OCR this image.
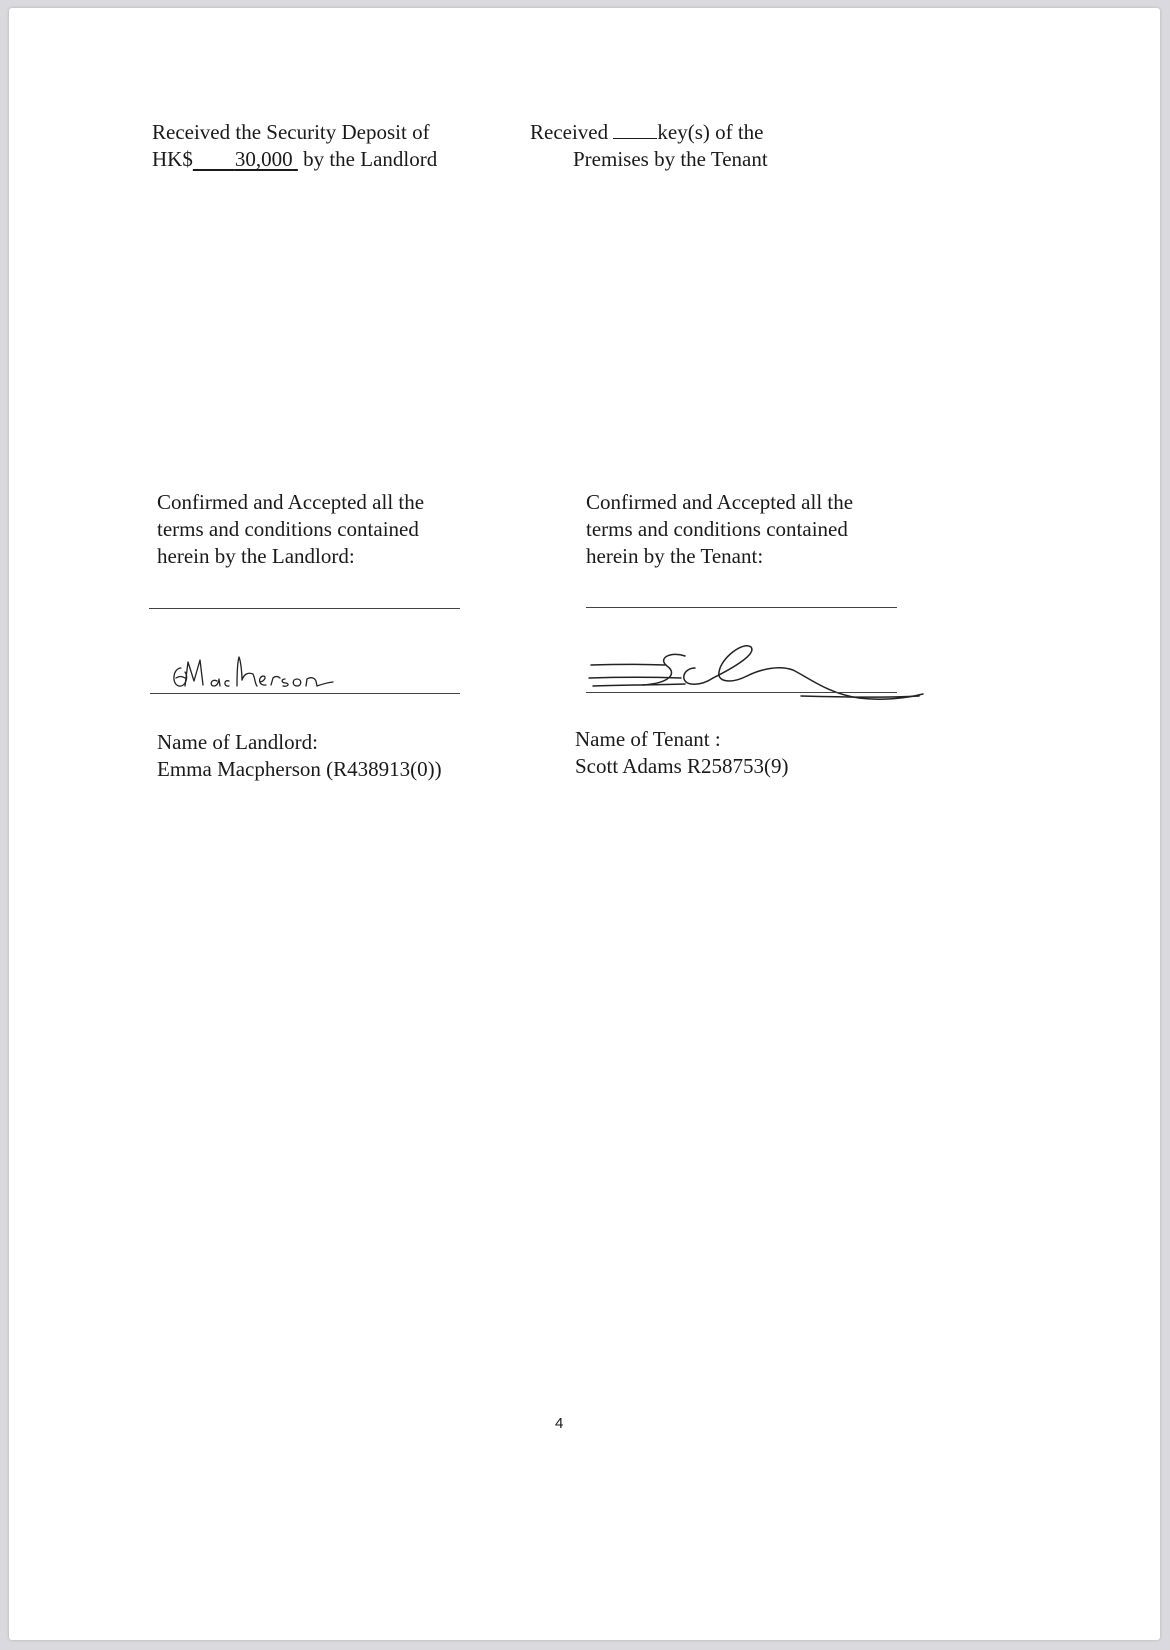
Received the Security Deposit of
HK$ 30,000 by the Landlord
Received key(s) of the
Premises by the Tenant
Confirmed and Accepted all the
terms and conditions contained
herein by the Landlord:
Confirmed and Accepted all the
terms and conditions contained
herein by the Tenant:
Name of Landlord:
Emma Macpherson (R438913(0))
Name of Tenant :
Scott Adams R258753(9)
4
